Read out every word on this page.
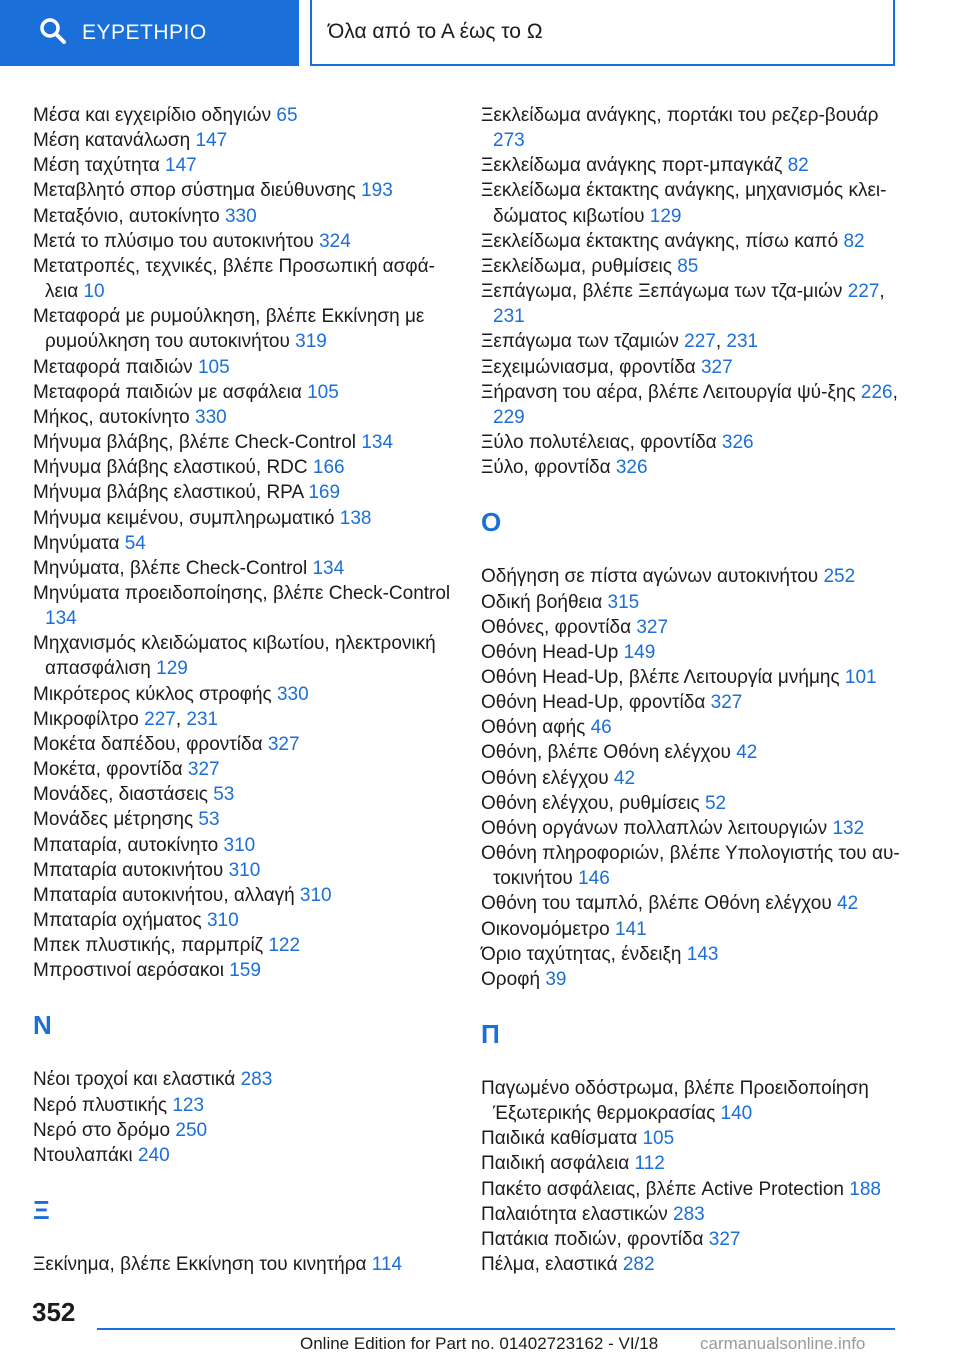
ΕΥΡΕΤΗΡΙΟ	Όλα από το Α έως το Ω
Μέσα και εγχειρίδιο οδηγιών 65
Μέση κατανάλωση 147
Μέση ταχύτητα 147
Μεταβλητό σπορ σύστημα διεύθυνσης 193
Μεταξόνιο, αυτοκίνητο 330
Μετά το πλύσιμο του αυτοκινήτου 324
Μετατροπές, τεχνικές, βλέπε Προσωπική ασφά-λεια 10
Μεταφορά με ρυμούλκηση, βλέπε Εκκίνηση με ρυμούλκηση του αυτοκινήτου 319
Μεταφορά παιδιών 105
Μεταφορά παιδιών με ασφάλεια 105
Μήκος, αυτοκίνητο 330
Μήνυμα βλάβης, βλέπε Check-Control 134
Μήνυμα βλάβης ελαστικού, RDC 166
Μήνυμα βλάβης ελαστικού, RPA 169
Μήνυμα κειμένου, συμπληρωματικό 138
Μηνύματα 54
Μηνύματα, βλέπε Check-Control 134
Μηνύματα προειδοποίησης, βλέπε Check-Control 134
Μηχανισμός κλειδώματος κιβωτίου, ηλεκτρονική απασφάλιση 129
Μικρότερος κύκλος στροφής 330
Μικροφίλτρο 227, 231
Μοκέτα δαπέδου, φροντίδα 327
Μοκέτα, φροντίδα 327
Μονάδες, διαστάσεις 53
Μονάδες μέτρησης 53
Μπαταρία, αυτοκίνητο 310
Μπαταρία αυτοκινήτου 310
Μπαταρία αυτοκινήτου, αλλαγή 310
Μπαταρία οχήματος 310
Μπεκ πλυστικής, παρμπρίζ 122
Μπροστινοί αερόσακοι 159
Ν
Νέοι τροχοί και ελαστικά 283
Νερό πλυστικής 123
Νερό στο δρόμο 250
Ντουλαπάκι 240
Ξ
Ξεκίνημα, βλέπε Εκκίνηση του κινητήρα 114
Ξεκλείδωμα ανάγκης, πορτάκι του ρεζερ-βουάρ 273
Ξεκλείδωμα ανάγκης πορτ-μπαγκάζ 82
Ξεκλείδωμα έκτακτης ανάγκης, μηχανισμός κλει-δώματος κιβωτίου 129
Ξεκλείδωμα έκτακτης ανάγκης, πίσω καπό 82
Ξεκλείδωμα, ρυθμίσεις 85
Ξεπάγωμα, βλέπε Ξεπάγωμα των τζα-μιών 227, 231
Ξεπάγωμα των τζαμιών 227, 231
Ξεχειμώνιασμα, φροντίδα 327
Ξήρανση του αέρα, βλέπε Λειτουργία ψύ-ξης 226, 229
Ξύλο πολυτέλειας, φροντίδα 326
Ξύλο, φροντίδα 326
Ο
Οδήγηση σε πίστα αγώνων αυτοκινήτου 252
Οδική βοήθεια 315
Οθόνες, φροντίδα 327
Οθόνη Head-Up 149
Οθόνη Head-Up, βλέπε Λειτουργία μνήμης 101
Οθόνη Head-Up, φροντίδα 327
Οθόνη αφής 46
Οθόνη, βλέπε Οθόνη ελέγχου 42
Οθόνη ελέγχου 42
Οθόνη ελέγχου, ρυθμίσεις 52
Οθόνη οργάνων πολλαπλών λειτουργιών 132
Οθόνη πληροφοριών, βλέπε Υπολογιστής του αυ-τοκινήτου 146
Οθόνη του ταμπλό, βλέπε Οθόνη ελέγχου 42
Οικονομόμετρο 141
Όριο ταχύτητας, ένδειξη 143
Οροφή 39
Π
Παγωμένο οδόστρωμα, βλέπε Προειδοποίηση Έξωτερικής θερμοκρασίας 140
Παιδικά καθίσματα 105
Παιδική ασφάλεια 112
Πακέτο ασφάλειας, βλέπε Active Protection 188
Παλαιότητα ελαστικών 283
Πατάκια ποδιών, φροντίδα 327
Πέλμα, ελαστικά 282
352
Online Edition for Part no. 01402723162 - VI/18 carmanualsonline.info
